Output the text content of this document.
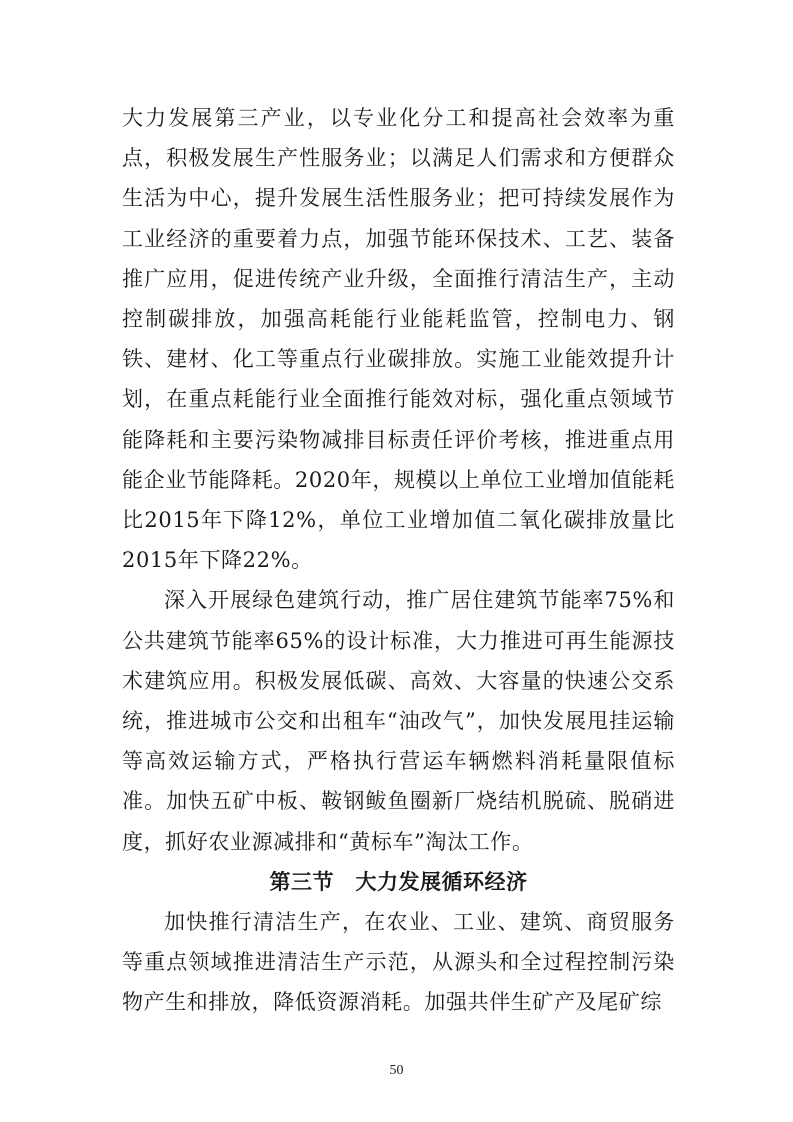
大力发展第三产业，以专业化分工和提高社会效率为重点，积极发展生产性服务业；以满足人们需求和方便群众生活为中心，提升发展生活性服务业；把可持续发展作为工业经济的重要着力点，加强节能环保技术、工艺、装备推广应用，促进传统产业升级，全面推行清洁生产，主动控制碳排放，加强高耗能行业能耗监管，控制电力、钢铁、建材、化工等重点行业碳排放。实施工业能效提升计划，在重点耗能行业全面推行能效对标，强化重点领域节能降耗和主要污染物减排目标责任评价考核，推进重点用能企业节能降耗。2020年，规模以上单位工业增加值能耗比2015年下降12%，单位工业增加值二氧化碳排放量比2015年下降22%。

深入开展绿色建筑行动，推广居住建筑节能率75%和公共建筑节能率65%的设计标准，大力推进可再生能源技术建筑应用。积极发展低碳、高效、大容量的快速公交系统，推进城市公交和出租车“油改气”，加快发展甩挂运输等高效运输方式，严格执行营运车辆燃料消耗量限值标准。加快五矿中板、鞍钢鲅鱼圈新厂烧结机脱硫、脱硝进度，抓好农业源减排和“黄标车”淘汰工作。

第三节　大力发展循环经济

加快推行清洁生产，在农业、工业、建筑、商贸服务等重点领域推进清洁生产示范，从源头和全过程控制污染物产生和排放，降低资源消耗。加强共伴生矿产及尾矿综

50
